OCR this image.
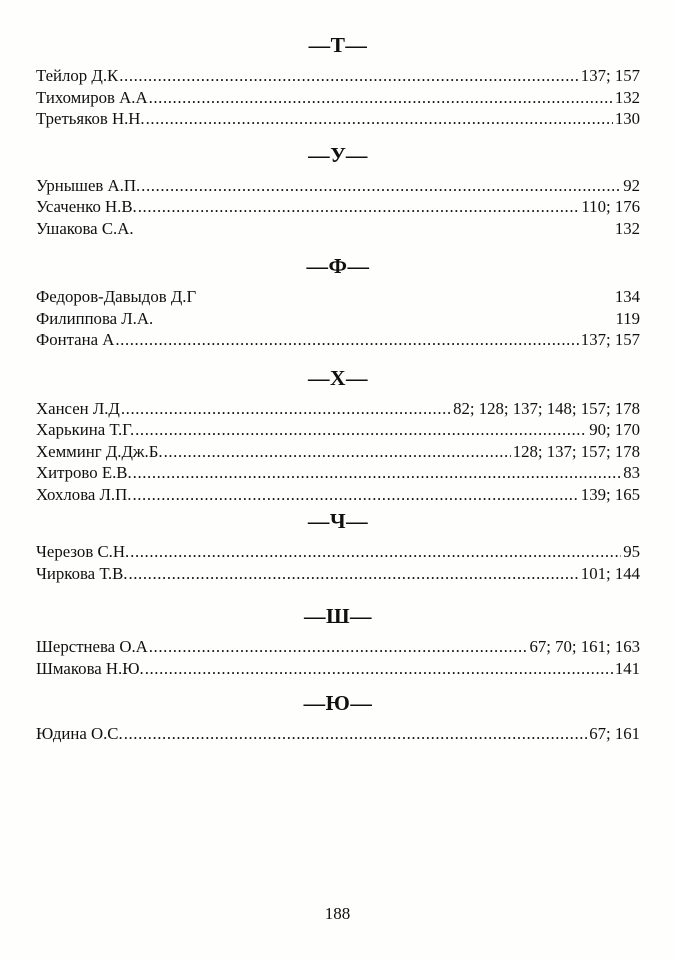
—Т—
Тейлор Д.К .....	137; 157
Тихомиров А.А .....	132
Третьяков Н.Н. .....	130
—У—
Урнышев А.П. .....	92
Усаченко Н.В. .....	110; 176
Ушакова С.А.	132
—Ф—
Федоров-Давыдов Д.Г	134
Филиппова Л.А.	119
Фонтана А .....	137; 157
—Х—
Хансен Л.Д .....	82; 128; 137; 148; 157; 178
Харькина Т.Г. .....	90; 170
Хемминг Д.Дж.Б. .....	128; 137; 157; 178
Хитрово Е.В. .....	83
Хохлова Л.П. .....	139; 165
—Ч—
Черезов С.Н. .....	95
Чиркова Т.В. .....	101; 144
—Ш—
Шерстнева О.А .....	67; 70; 161; 163
Шмакова Н.Ю. .....	141
—Ю—
Юдина О.С. .....	67; 161
188
